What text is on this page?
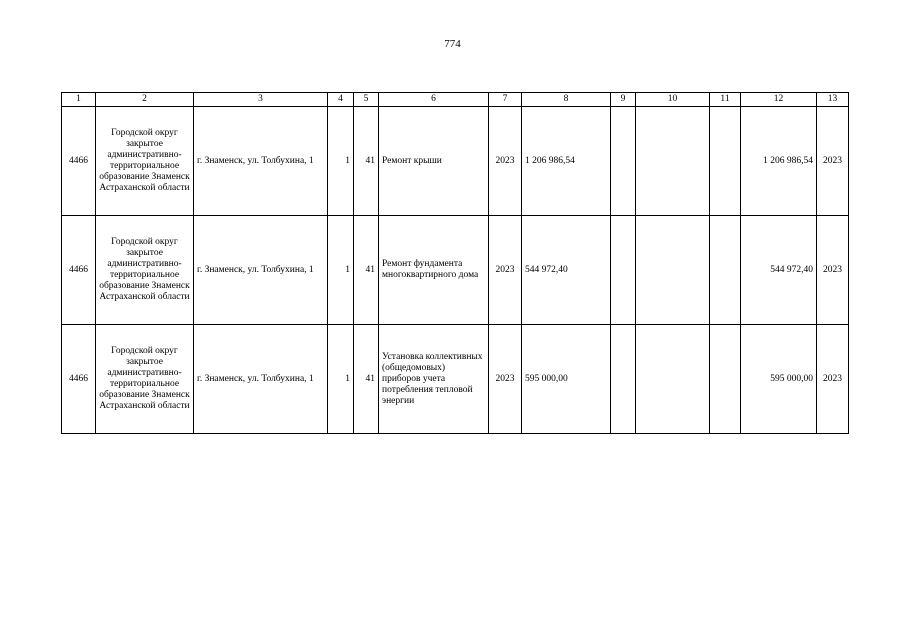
774
1	2	3	4	5	6	7	8	9	10	11	12	13
4466	Городской округ закрытое административно-территориальное образование Знаменск Астраханской области	г. Знаменск, ул. Толбухина, 1	1	41	Ремонт крыши	2023	1 206 986,54				1 206 986,54	2023
4466	Городской округ закрытое административно-территориальное образование Знаменск Астраханской области	г. Знаменск, ул. Толбухина, 1	1	41	Ремонт фундамента многоквартирного дома	2023	544 972,40				544 972,40	2023
4466	Городской округ закрытое административно-территориальное образование Знаменск Астраханской области	г. Знаменск, ул. Толбухина, 1	1	41	Установка коллективных (общедомовых) приборов учета потребления тепловой энергии	2023	595 000,00				595 000,00	2023
